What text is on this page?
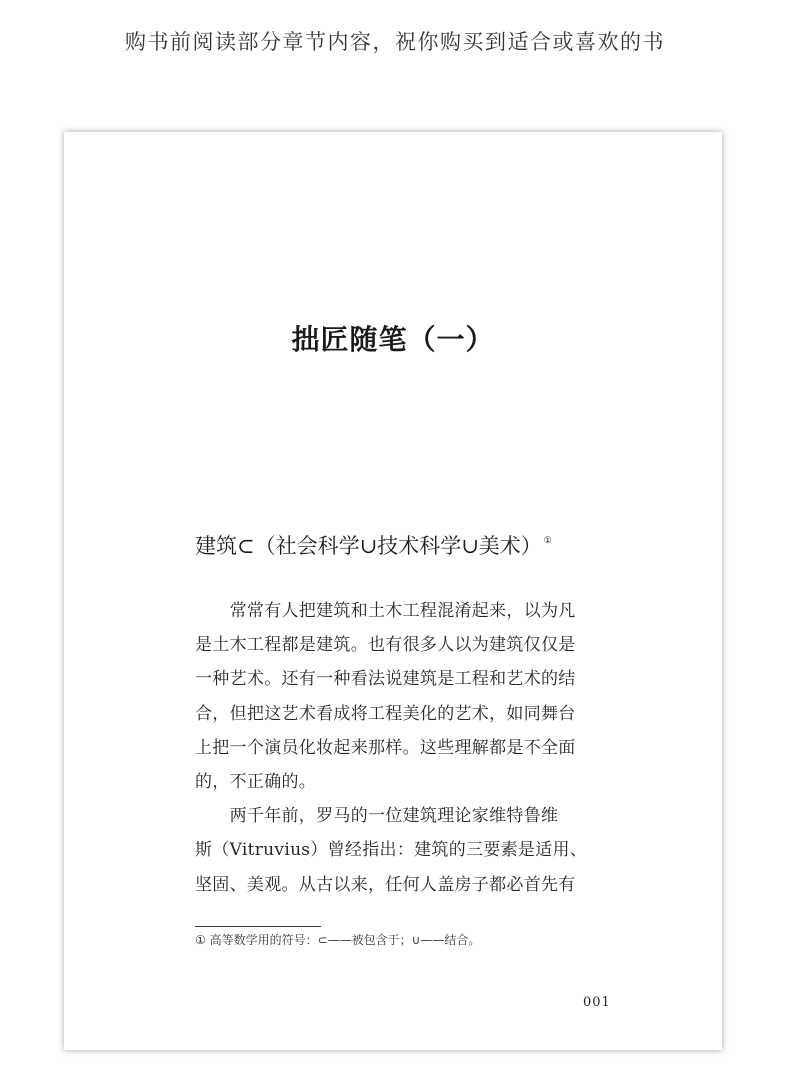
购书前阅读部分章节内容，祝你购买到适合或喜欢的书
拙匠随笔（一）
建筑⊂（社会科学∪技术科学∪美术） ①
　　常常有人把建筑和土木工程混淆起来，以为凡
是土木工程都是建筑。也有很多人以为建筑仅仅是
一种艺术。还有一种看法说建筑是工程和艺术的结
合，但把这艺术看成将工程美化的艺术，如同舞台
上把一个演员化妆起来那样。这些理解都是不全面
的，不正确的。
　　两千年前，罗马的一位建筑理论家维特鲁维
斯（Vitruvius）曾经指出：建筑的三要素是适用、
坚固、美观。从古以来，任何人盖房子都必首先有
① 高等数学用的符号：⊂——被包含于；∪——结合。
001
